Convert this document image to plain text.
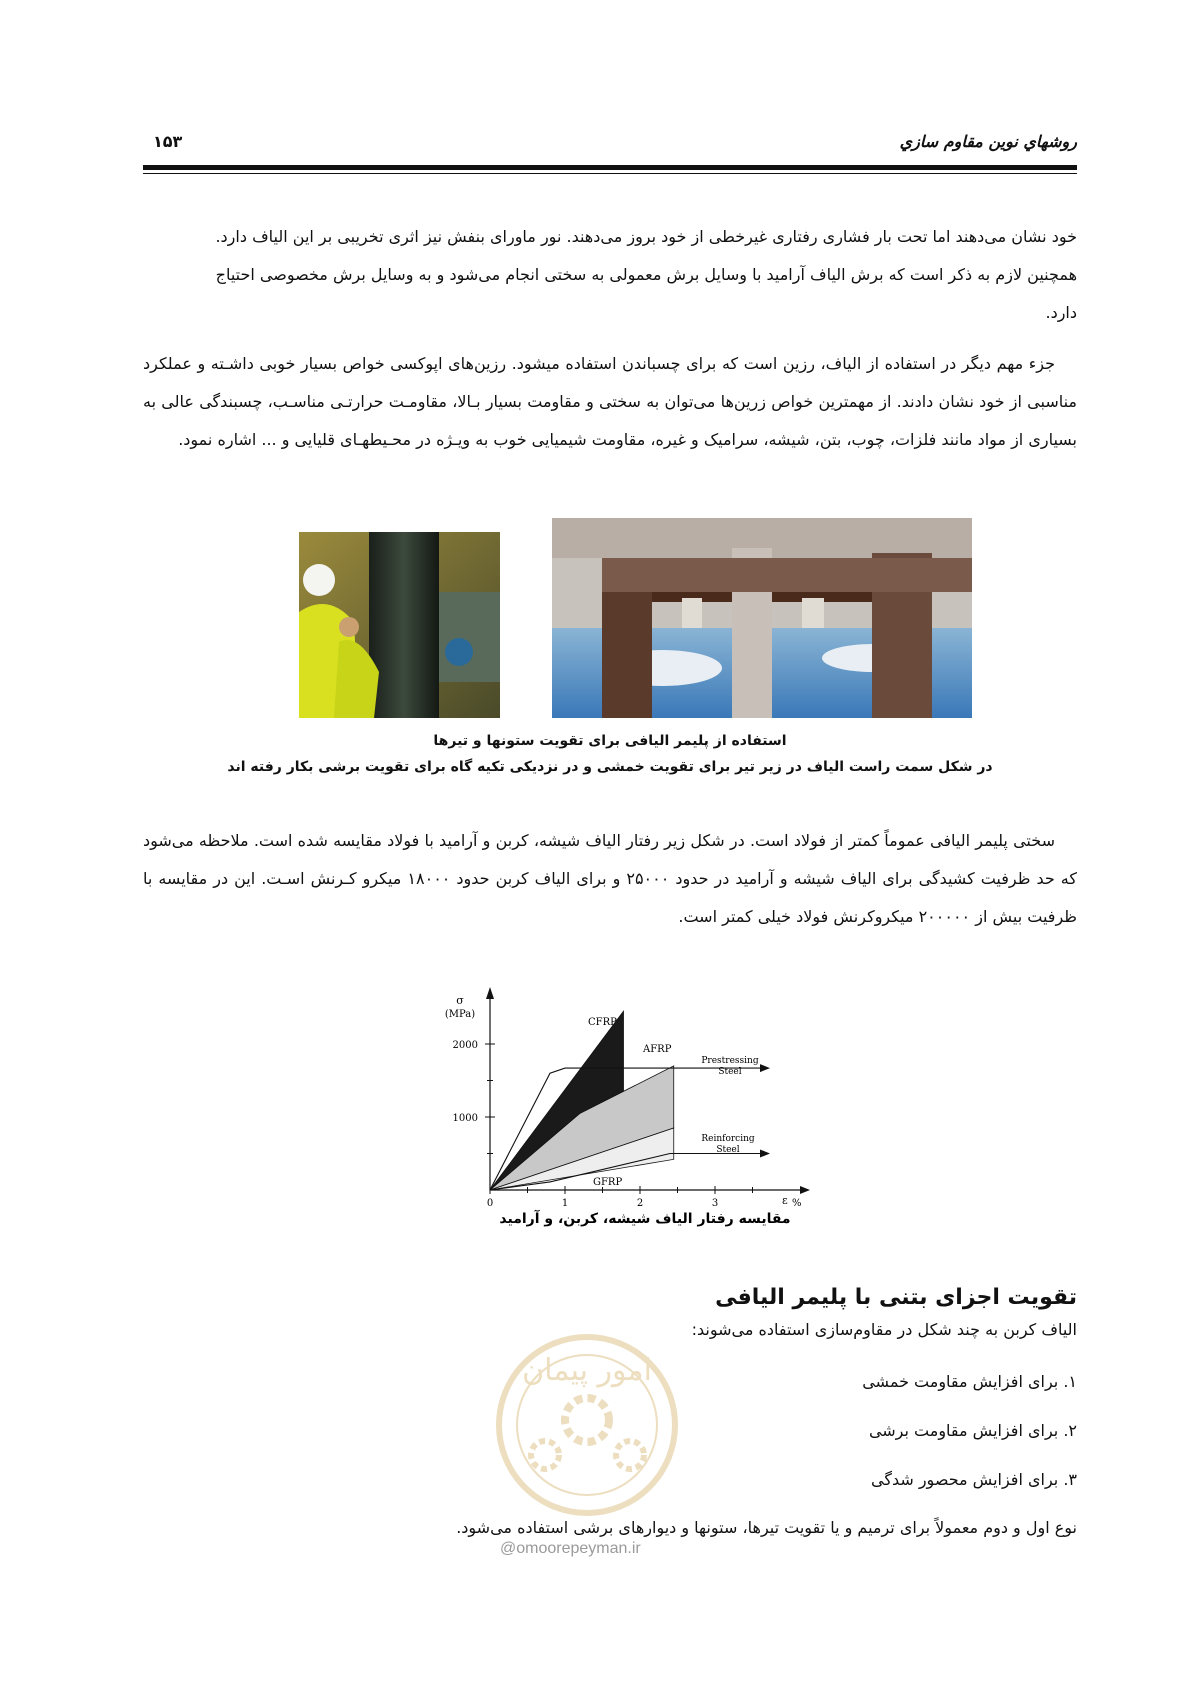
روشهاي نوين مقاوم سازي
۱۵۳

خود نشان می‌دهند اما تحت بار فشاری رفتاری غیرخطی از خود بروز می‌دهند. نور ماورای بنفش نیز اثری تخریبی بر این الیاف دارد.

همچنین لازم به ذکر است که برش الیاف آرامید با وسایل برش معمولی به سختی انجام می‌شود و به وسایل برش مخصوصی احتیاج

دارد.

جزء مهم دیگر در استفاده از الیاف، رزین است که برای چسباندن استفاده میشود. رزین‌های اپوکسی خواص بسیار خوبی داشـته و عملکرد مناسبی از خود نشان دادند. از مهمترین خواص زرین‌ها می‌توان به سختی و مقاومت بسیار بـالا، مقاومـت حرارتـی مناسـب، چسبندگی عالی به بسیاری از مواد مانند فلزات، چوب، بتن، شیشه، سرامیک و غیره، مقاومت شیمیایی خوب به ویـژه در محـیطهـای قلیایی و ... اشاره نمود.

استفاده از پلیمر الیافی برای تقویت ستونها و تیرها

در شکل سمت راست الیاف در زیر تیر برای تقویت خمشی و در نزدیکی تکیه گاه برای تقویت برشی بکار رفته اند

سختی پلیمر الیافی عموماً کمتر از فولاد است. در شکل زیر رفتار الیاف شیشه، کربن و آرامید با فولاد مقایسه شده است. ملاحظه می‌شود که حد ظرفیت کشیدگی برای الیاف شیشه و آرامید در حدود ۲۵۰۰۰ و برای الیاف کربن حدود ۱۸۰۰۰ میکرو کـرنش اسـت. این در مقایسه با ظرفیت بیش از ۲۰۰۰۰۰ میکروکرنش فولاد خیلی کمتر است.

0	1	2	3
1000
2000
σ
(MPa)
ε %
CFRP
AFRP
Prestressing Steel
Reinforcing Steel
GFRP
مقایسه رفتار الیاف شیشه، کربن، و آرامید
تقویت اجزای بتنی با پلیمر الیافی
امور پیمان

الیاف کربن به چند شکل در مقاوم‌سازی استفاده می‌شوند:

۱. برای افزایش مقاومت خمشی

۲. برای افزایش مقاومت برشی

۳. برای افزایش محصور شدگی

نوع اول و دوم معمولاً برای ترمیم و یا تقویت تیرها، ستونها و دیوارهای برشی استفاده می‌شود.

@omoorepeyman.ir
